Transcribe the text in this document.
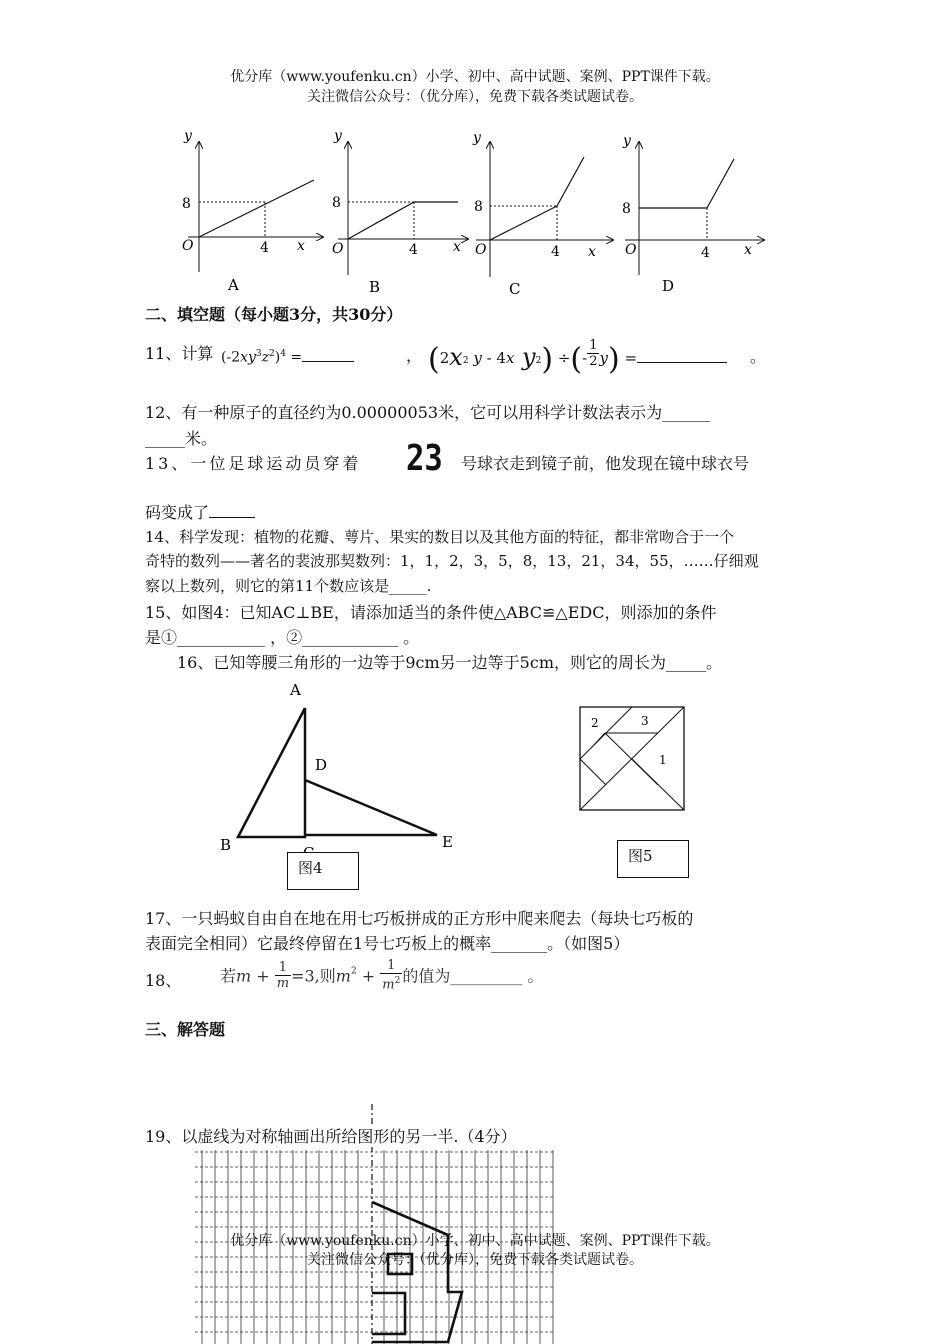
优分库（www.youfenku.cn）小学、初中、高中试题、案例、PPT课件下载。
关注微信公众号：（优分库），免费下载各类试题试卷。
y
8
O	4 x
A
y
8
O	4	x
B
y
8
O	4 x
C
y
8
O	4 x
D
二、填空题（每小题3分，共30分）
11、计算 $(-2xy^3z^2)^4$ =	， ($2x^2$ y - 4x $y^2$) ÷(- $\frac{1}{2} y$) =	。
12、有一种原子的直径约为0.00000053米，它可以用科学计数法表示为______
_____米。
13、一位足球运动员穿着 23 号球衣走到镜子前，他发现在镜中球衣号
码变成了
14、科学发现：植物的花瓣、萼片、果实的数目以及其他方面的特征，都非常吻合于一个
奇特的数列——著名的裴波那契数列：1，1，2，3，5，8，13，21，34，55，……仔细观
察以上数列，则它的第11个数应该是_____.
15、如图4：已知AC⊥BE，请添加适当的条件使△ABC≌△EDC，则添加的条件
是①___________ ，②____________ 。
16、已知等腰三角形的一边等于9cm另一边等于5cm，则它的周长为_____。
A
D
B	E
图4
2	3
1
图5
17、一只蚂蚁自由自在地在用七巧板拼成的正方形中爬来爬去（每块七巧板的
表面完全相同）它最终停留在1号七巧板上的概率_______。（如图5）
18、 若$m + \frac{1}{m} =3$,则$m^2 + \frac{1}{m^2}$ 的值为_________ 。
三、解答题
19、以虚线为对称轴画出所给图形的另一半.（4分）
优分库（www.youfenku.cn）小学、初中、高中试题、案例、PPT课件下载。
关注微信公众号：（优分库），免费下载各类试题试卷。
